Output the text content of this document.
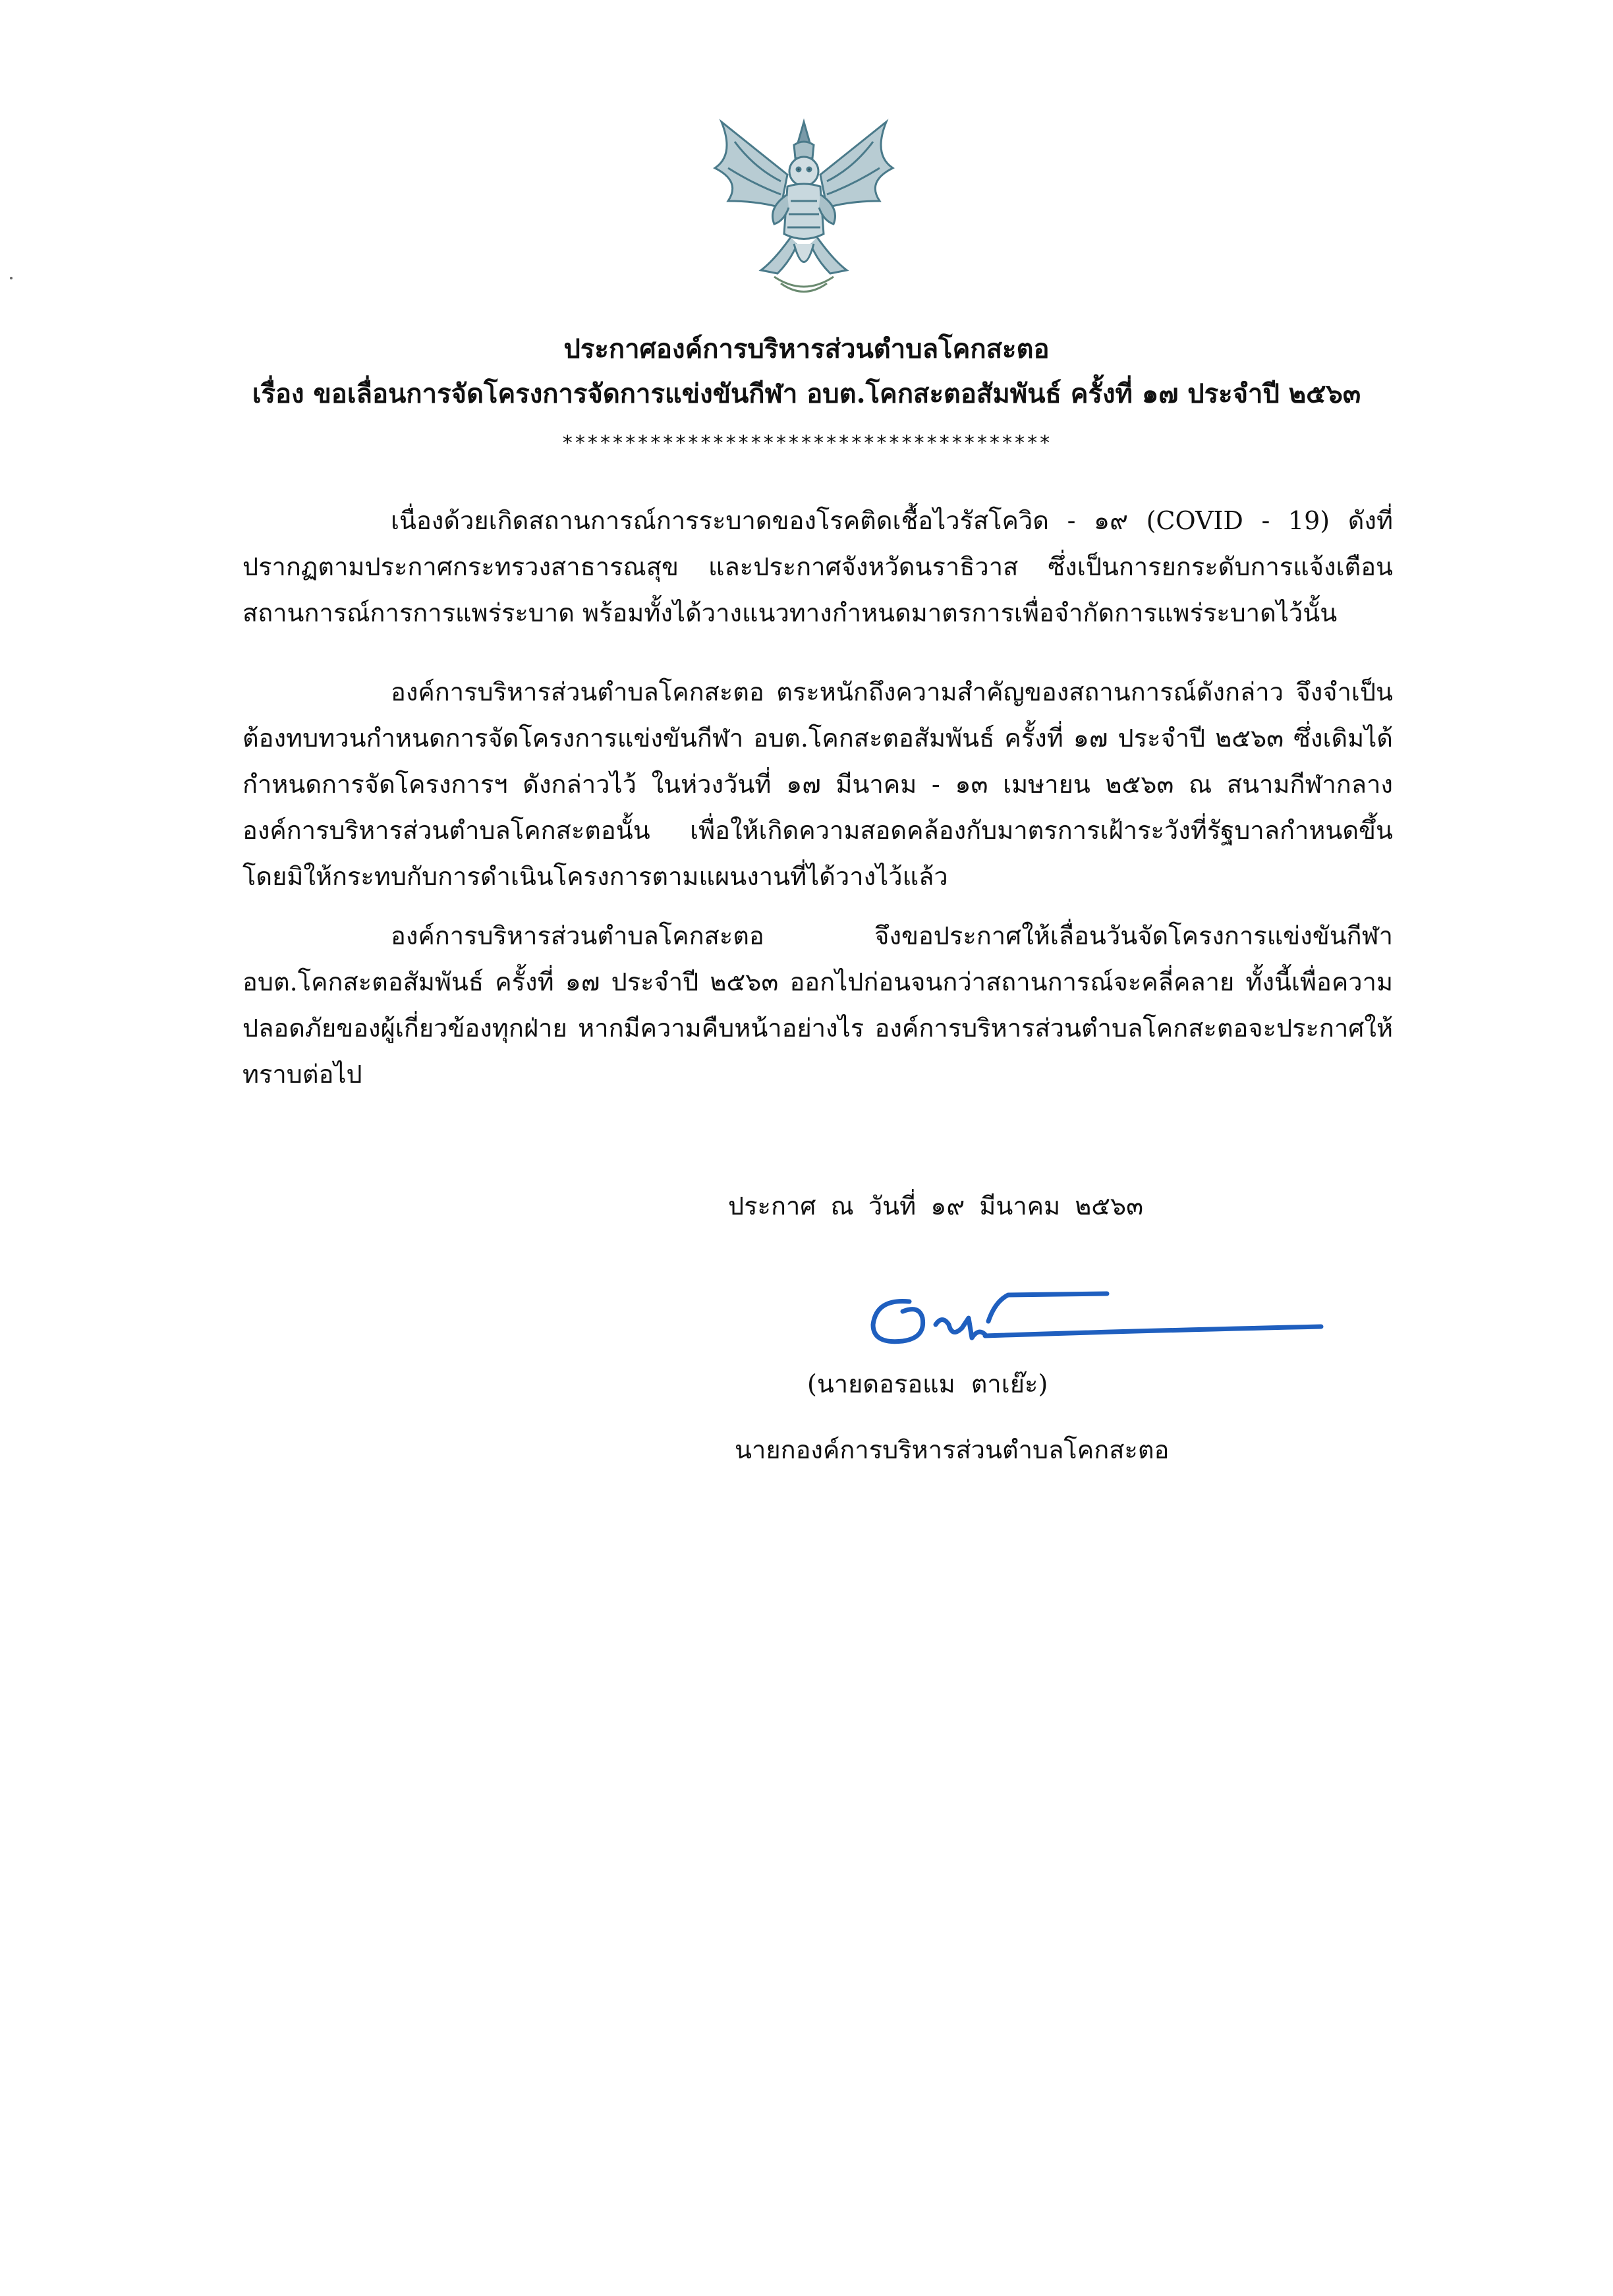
ประกาศองค์การบริหารส่วนตำบลโคกสะตอ
เรื่อง ขอเลื่อนการจัดโครงการจัดการแข่งขันกีฬา อบต.โคกสะตอสัมพันธ์ ครั้งที่ ๑๗ ประจำปี ๒๕๖๓
***************************************

เนื่องด้วยเกิดสถานการณ์การระบาดของโรคติดเชื้อไวรัสโควิด - ๑๙ (COVID - 19) ดังที่ปรากฏตามประกาศกระทรวงสาธารณสุข และประกาศจังหวัดนราธิวาส ซึ่งเป็นการยกระดับการแจ้งเตือนสถานการณ์การการแพร่ระบาด พร้อมทั้งได้วางแนวทางกำหนดมาตรการเพื่อจำกัดการแพร่ระบาดไว้นั้น

องค์การบริหารส่วนตำบลโคกสะตอ ตระหนักถึงความสำคัญของสถานการณ์ดังกล่าว จึงจำเป็นต้องทบทวนกำหนดการจัดโครงการแข่งขันกีฬา อบต.โคกสะตอสัมพันธ์ ครั้งที่ ๑๗ ประจำปี ๒๕๖๓ ซึ่งเดิมได้กำหนดการจัดโครงการฯ ดังกล่าวไว้ ในห่วงวันที่ ๑๗ มีนาคม - ๑๓ เมษายน ๒๕๖๓ ณ สนามกีฬากลางองค์การบริหารส่วนตำบลโคกสะตอนั้น เพื่อให้เกิดความสอดคล้องกับมาตรการเฝ้าระวังที่รัฐบาลกำหนดขึ้น โดยมิให้กระทบกับการดำเนินโครงการตามแผนงานที่ได้วางไว้แล้ว

องค์การบริหารส่วนตำบลโคกสะตอ จึงขอประกาศให้เลื่อนวันจัดโครงการแข่งขันกีฬา อบต.โคกสะตอสัมพันธ์ ครั้งที่ ๑๗ ประจำปี ๒๕๖๓ ออกไปก่อนจนกว่าสถานการณ์จะคลี่คลาย ทั้งนี้เพื่อความปลอดภัยของผู้เกี่ยวข้องทุกฝ่าย หากมีความคืบหน้าอย่างไร องค์การบริหารส่วนตำบลโคกสะตอจะประกาศให้ทราบต่อไป

ประกาศ ณ วันที่ ๑๙ มีนาคม ๒๕๖๓
(นายดอรอแม ตาเย๊ะ)
นายกองค์การบริหารส่วนตำบลโคกสะตอ
